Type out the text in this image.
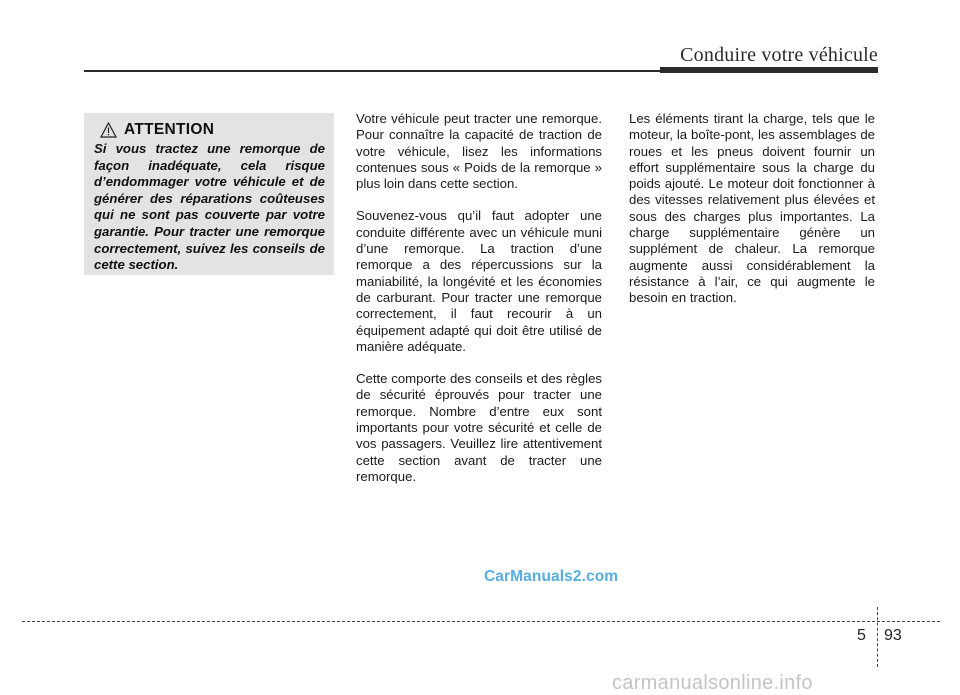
Conduire votre véhicule
ATTENTION

Si vous tractez une remorque de façon inadéquate, cela risque d’endommager votre véhicule et de générer des réparations coûteuses qui ne sont pas couverte par votre garantie. Pour tracter une remorque correctement, suivez les conseils de cette section.

Votre véhicule peut tracter une remorque. Pour connaître la capacité de traction de votre véhicule, lisez les informations contenues sous « Poids de la remorque » plus loin dans cette section.

Souvenez-vous qu’il faut adopter une conduite différente avec un véhicule muni d’une remorque. La traction d’une remorque a des répercussions sur la maniabilité, la longévité et les économies de carburant. Pour tracter une remorque correctement, il faut recourir à un équipement adapté qui doit être utilisé de manière adéquate.

Cette comporte des conseils et des règles de sécurité éprouvés pour tracter une remorque. Nombre d’entre eux sont importants pour votre sécurité et celle de vos passagers. Veuillez lire attentivement cette section avant de tracter une remorque.

Les éléments tirant la charge, tels que le moteur, la boîte-pont, les assemblages de roues et les pneus doivent fournir un effort supplémentaire sous la charge du poids ajouté. Le moteur doit fonctionner à des vitesses relativement plus élevées et sous des charges plus importantes. La charge supplémentaire génère un supplément de chaleur. La remorque augmente aussi considérablement la résistance à l’air, ce qui augmente le besoin en traction.

CarManuals2.com
5 93
carmanualsonline.info
